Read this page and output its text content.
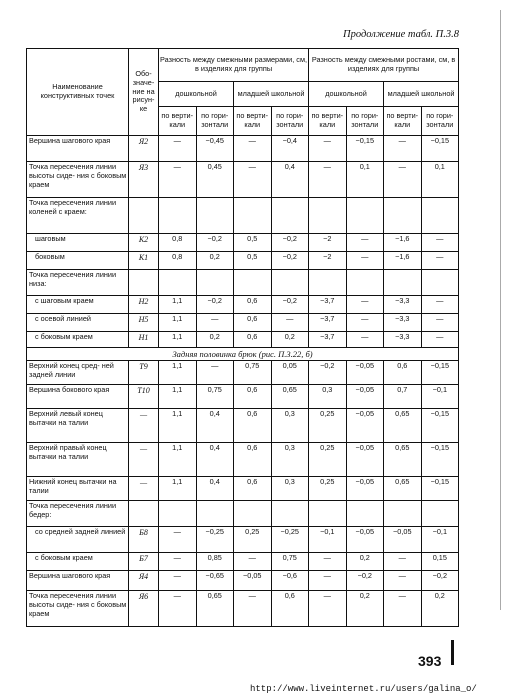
Продолжение табл. П.3.8
Наименование конструктивных точек	Обо- значе- ние на рисун- ке	Разность между смежными размерами, см, в изделиях для группы				Разность между смежными ростами, см, в изделиях для группы			
		дошкольной		младшей школьной		дошкольной		младшей школьной	
		по верти- кали	по гори- зонтали	по верти- кали	по гори- зонтали	по верти- кали	по гори- зонтали	по верти- кали	по гори- зонтали
Вершина шагового края	Я2	—	−0,45	—	−0,4	—	−0,15	—	−0,15
Точка пересечения линии высоты сиде- ния с боковым краем	Я3	—	0,45	—	0,4	—	0,1	—	0,1
Точка пересечения линии коленей с краем:									
шаговым	К2	0,8	−0,2	0,5	−0,2	−2	—	−1,6	—
боковым	К1	0,8	0,2	0,5	−0,2	−2	—	−1,6	—
Точка пересечения линии низа:									
с шаговым краем	Н2	1,1	−0,2	0,6	−0,2	−3,7	—	−3,3	—
с осевой линией	Н5	1,1	—	0,6	—	−3,7	—	−3,3	—
с боковым краем	Н1	1,1	0,2	0,6	0,2	−3,7	—	−3,3	—
Задняя половинка брюк (рис. П.3.22, б)									
Верхний конец сред- ней задней линии	Т9	1,1	—	0,75	0,05	−0,2	−0,05	0,6	−0,15
Вершина бокового края	Т10	1,1	0,75	0,6	0,65	0,3	−0,05	0,7	−0,1
Верхний левый конец вытачки на талии	—	1,1	0,4	0,6	0,3	0,25	−0,05	0,65	−0,15
Верхний правый конец вытачки на талии	—	1,1	0,4	0,6	0,3	0,25	−0,05	0,65	−0,15
Нижний конец вытачки на талии	—	1,1	0,4	0,6	0,3	0,25	−0,05	0,65	−0,15
Точка пересечения линии бедер:									
со средней задней линией	Б8	—	−0,25	0,25	−0,25	−0,1	−0,05	−0,05	−0,1
с боковым краем	Б7	—	0,85	—	0,75	—	0,2	—	0,15
Вершина шагового края	Я4	—	−0,65	−0,05	−0,6	—	−0,2	—	−0,2
Точка пересечения линии высоты сиде- ния с боковым краем	Я6	—	0,65	—	0,6	—	0,2	—	0,2
393
http://www.liveinternet.ru/users/galina_o/
